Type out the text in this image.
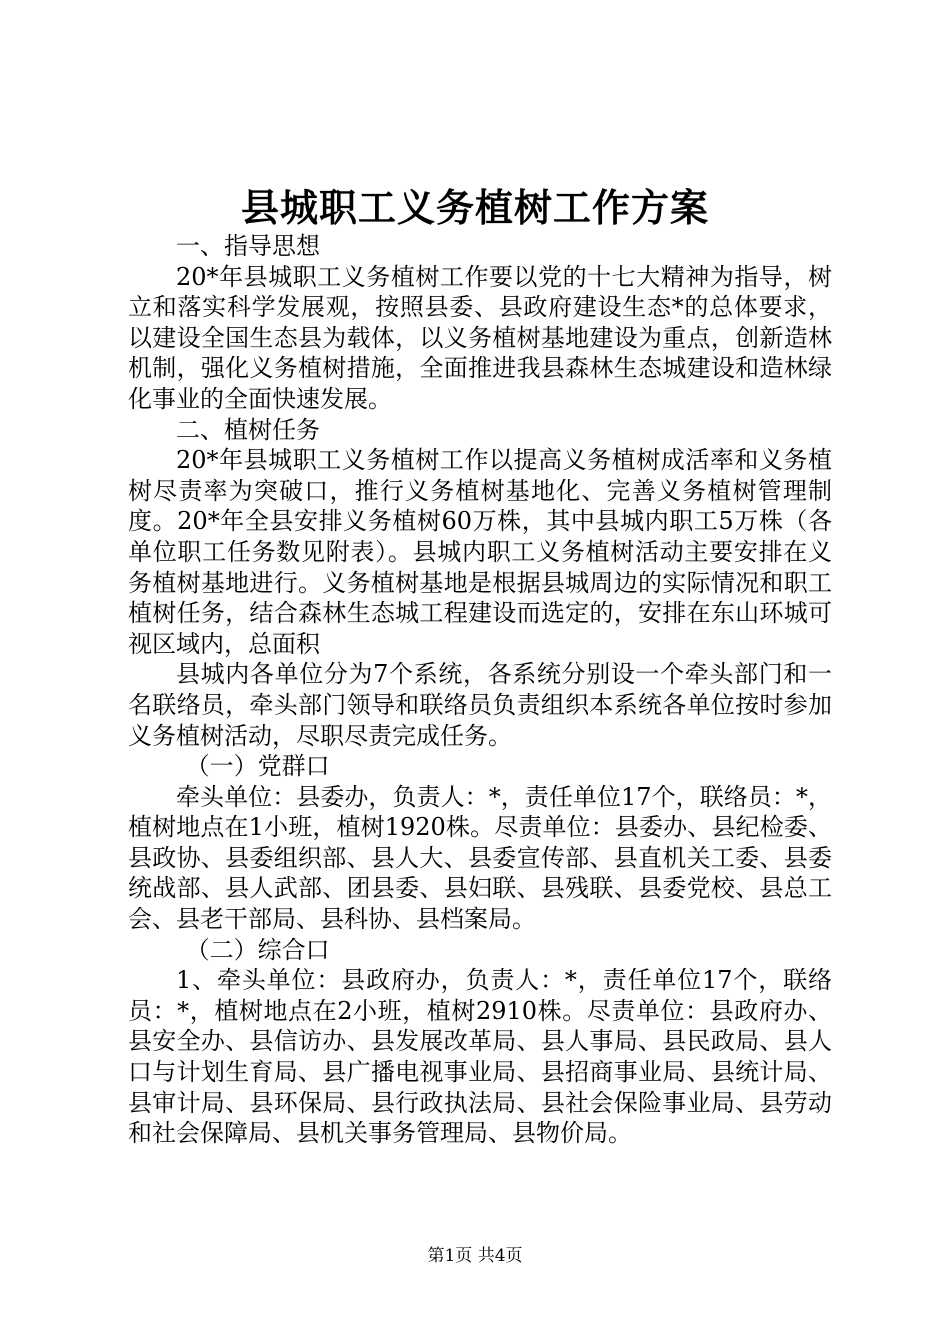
县城职工义务植树工作方案

一、指导思想

20*年县城职工义务植树工作要以党的十七大精神为指导，树立和落实科学发展观，按照县委、县政府建设生态*的总体要求，以建设全国生态县为载体，以义务植树基地建设为重点，创新造林机制，强化义务植树措施，全面推进我县森林生态城建设和造林绿化事业的全面快速发展。

二、植树任务

20*年县城职工义务植树工作以提高义务植树成活率和义务植树尽责率为突破口，推行义务植树基地化、完善义务植树管理制度。20*年全县安排义务植树60万株，其中县城内职工5万株（各单位职工任务数见附表）。县城内职工义务植树活动主要安排在义务植树基地进行。义务植树基地是根据县城周边的实际情况和职工植树任务，结合森林生态城工程建设而选定的，安排在东山环城可视区域内，总面积

县城内各单位分为7个系统，各系统分别设一个牵头部门和一名联络员，牵头部门领导和联络员负责组织本系统各单位按时参加义务植树活动，尽职尽责完成任务。

（一）党群口

牵头单位：县委办，负责人：*，责任单位17个，联络员：*，植树地点在1小班，植树1920株。尽责单位：县委办、县纪检委、县政协、县委组织部、县人大、县委宣传部、县直机关工委、县委统战部、县人武部、团县委、县妇联、县残联、县委党校、县总工会、县老干部局、县科协、县档案局。

（二）综合口

1、牵头单位：县政府办，负责人：*，责任单位17个，联络员：*，植树地点在2小班，植树2910株。尽责单位：县政府办、县安全办、县信访办、县发展改革局、县人事局、县民政局、县人口与计划生育局、县广播电视事业局、县招商事业局、县统计局、县审计局、县环保局、县行政执法局、县社会保险事业局、县劳动和社会保障局、县机关事务管理局、县物价局。

第1页 共4页
